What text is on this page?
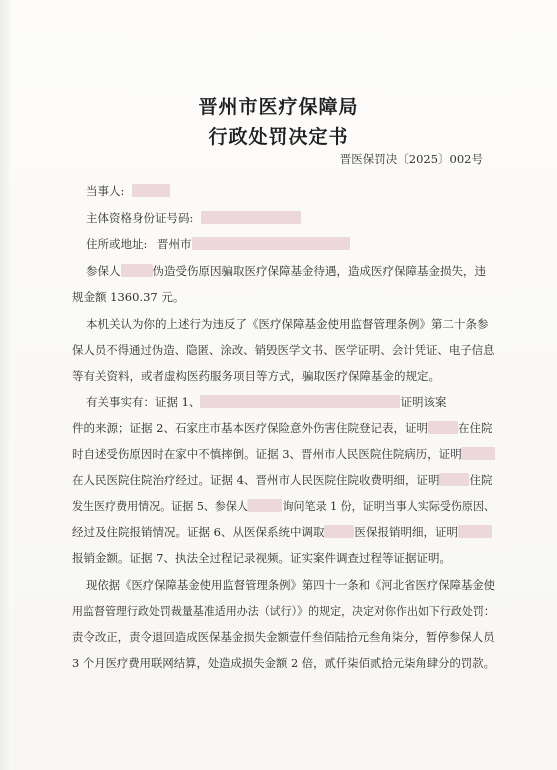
晋州市医疗保障局
行政处罚决定书
晋医保罚决〔2025〕002号
当事人:
主体资格身份证号码:
住所或地址: 晋州市
参保人	伪造受伤原因骗取医疗保障基金待遇，造成医疗保障基金损失，违
规金额 1360.37 元。
本机关认为你的上述行为违反了《医疗保障基金使用监督管理条例》第二十条参
保人员不得通过伪造、隐匿、涂改、销毁医学文书、医学证明、会计凭证、电子信息
等有关资料，或者虚构医药服务项目等方式，骗取医疗保障基金的规定。
有关事实有：证据 1、	证明该案
件的来源；证据 2、石家庄市基本医疗保险意外伤害住院登记表，证明	在住院
时自述受伤原因时在家中不慎摔倒。证据 3、晋州市人民医院住院病历，证明
在人民医院住院治疗经过。证据 4、晋州市人民医院住院收费明细，证明	住院
发生医疗费用情况。证据 5、参保人	询问笔录 1 份，证明当事人实际受伤原因、
经过及住院报销情况。证据 6、从医保系统中调取	医保报销明细，证明
报销金额。证据 7、执法全过程记录视频。证实案件调查过程等证据证明。
现依据《医疗保障基金使用监督管理条例》第四十一条和《河北省医疗保障基金使
用监督管理行政处罚裁量基准适用办法（试行）》的规定，决定对你作出如下行政处罚：
责令改正，责令退回造成医保基金损失金额壹仟叁佰陆拾元叁角柒分，暂停参保人员
3 个月医疗费用联网结算，处造成损失金额 2 倍，贰仟柒佰贰拾元柒角肆分的罚款。
